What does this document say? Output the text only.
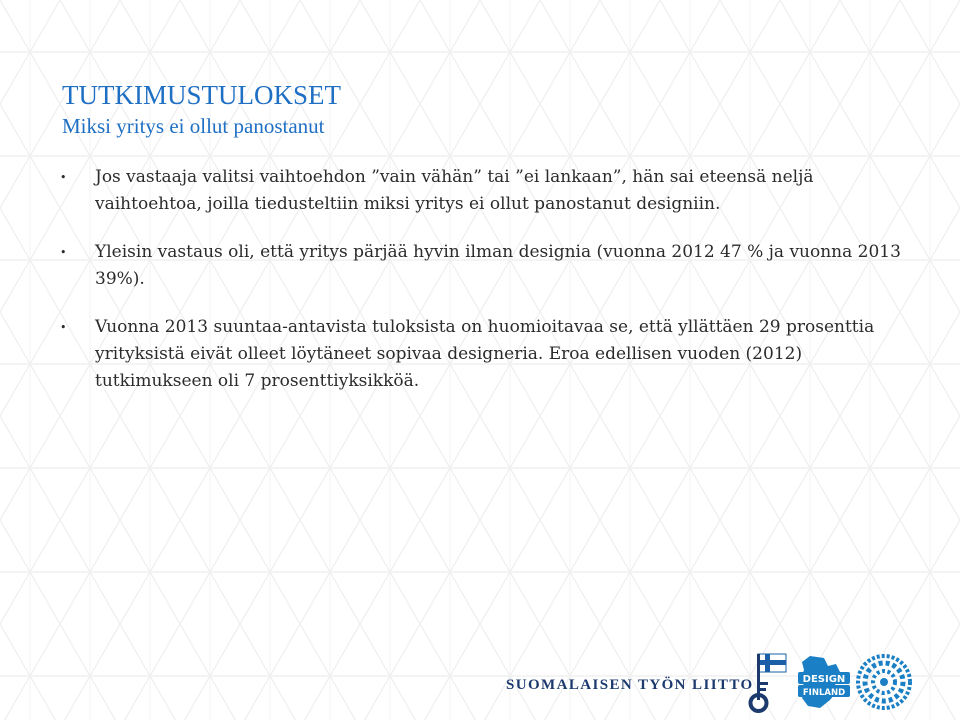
TUTKIMUSTULOKSET
Miksi yritys ei ollut panostanut
• Jos vastaaja valitsi vaihtoehdon ”vain vähän” tai ”ei lankaan”, hän sai eteensä neljä vaihtoehtoa, joilla tiedusteltiin miksi yritys ei ollut panostanut designiin.
• Yleisin vastaus oli, että yritys pärjää hyvin ilman designia (vuonna 2012 47 % ja vuonna 2013 39%).
• Vuonna 2013 suuntaa-antavista tuloksista on huomioitavaa se, että yllättäen 29 prosenttia yrityksistä eivät olleet löytäneet sopivaa designeria. Eroa edellisen vuoden (2012) tutkimukseen oli 7 prosenttiyksikköä.
SUOMALAISEN TYÖN LIITTO	DESIGN
FINLAND
